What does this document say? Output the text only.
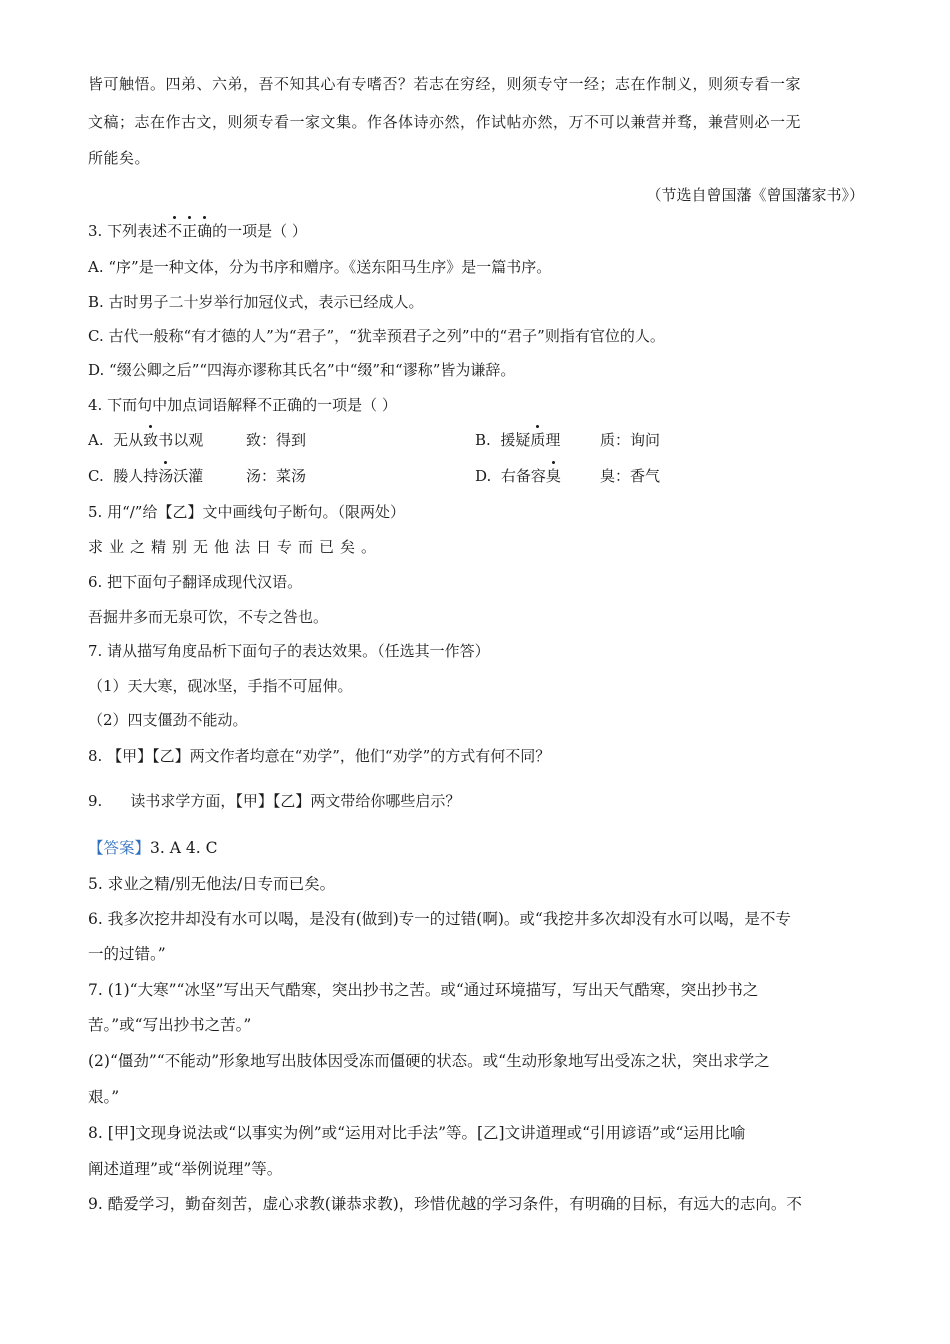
皆可触悟。四弟、六弟，吾不知其心有专嗜否？若志在穷经，则须专守一经；志在作制义，则须专看一家
文稿；志在作古文，则须专看一家文集。作各体诗亦然，作试帖亦然，万不可以兼营并骛，兼营则必一无
所能矣。
（节选自曾国藩《曾国藩家书》）
3. 下列表述不正确的一项是（ ）
A. “序”是一种文体，分为书序和赠序。《送东阳马生序》是一篇书序。
B. 古时男子二十岁举行加冠仪式，表示已经成人。
C. 古代一般称“有才德的人”为“君子”，“犹幸预君子之列”中的“君子”则指有官位的人。
D. “缀公卿之后”“四海亦谬称其氏名”中“缀”和“谬称”皆为谦辞。
4. 下而句中加点词语解释不正确的一项是（ ）
A. 无从致书以观	致：得到	B. 援疑质理	质：询问
C. 媵人持汤沃灌	汤：菜汤	D. 右备容臭	臭：香气
5. 用“/”给【乙】文中画线句子断句。（限两处）
求业之精别无他法日专而已矣。
6. 把下面句子翻译成现代汉语。
吾掘井多而无泉可饮，不专之咎也。
7. 请从描写角度品析下面句子的表达效果。（任选其一作答）
（1）天大寒，砚冰坚，手指不可屈伸。
（2）四支僵劲不能动。
8. 【甲】【乙】两文作者均意在“劝学”，他们“劝学”的方式有何不同？
9. 读书求学方面，【甲】【乙】两文带给你哪些启示？
【答案】3. A 4. C
5. 求业之精/别无他法/日专而已矣。
6. 我多次挖井却没有水可以喝，是没有(做到)专一的过错(啊)。或“我挖井多次却没有水可以喝，是不专
一的过错。”
7. (1)“大寒”“冰坚”写出天气酷寒，突出抄书之苦。或“通过环境描写，写出天气酷寒，突出抄书之
苦。”或“写出抄书之苦。”
(2)“僵劲”“不能动”形象地写出肢体因受冻而僵硬的状态。或“生动形象地写出受冻之状，突出求学之
艰。”
8. [甲]文现身说法或“以事实为例”或“运用对比手法”等。[乙]文讲道理或“引用谚语”或“运用比喻
阐述道理”或“举例说理”等。
9. 酷爱学习，勤奋刻苦，虚心求教(谦恭求教)，珍惜优越的学习条件，有明确的目标，有远大的志向。不
